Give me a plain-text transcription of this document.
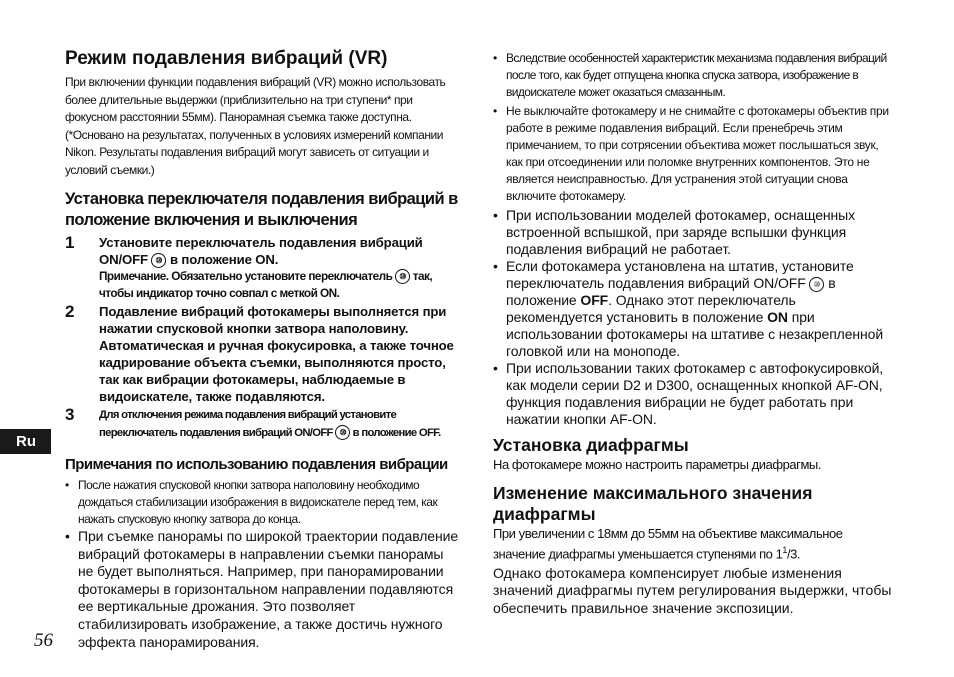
Режим подавления вибраций (VR)

При включении функции подавления вибраций (VR) можно использовать более длительные выдержки (приблизительно на три ступени* при фокусном расстоянии 55мм). Панорамная съемка также доступна. (*Основано на результатах, полученных в условиях измерений компании Nikon. Результаты подавления вибраций могут зависеть от ситуации и условий съемки.)

Установка переключателя подавления вибраций в положение включения и выключения
1 Установите переключатель подавления вибраций ON/OFF ⑩ в положение ON.
Примечание. Обязательно установите переключатель ⑩ так, чтобы индикатор точно совпал с меткой ON.
2 Подавление вибраций фотокамеры выполняется при нажатии спусковой кнопки затвора наполовину. Автоматическая и ручная фокусировка, а также точное кадрирование объекта съемки, выполняются просто, так как вибрации фотокамеры, наблюдаемые в видоискателе, также подавляются.
3 Для отключения режима подавления вибраций установите переключатель подавления вибраций ON/OFF ⑩ в положение OFF.
Примечания по использованию подавления вибрации
• После нажатия спусковой кнопки затвора наполовину необходимо дождаться стабилизации изображения в видоискателе перед тем, как нажать спусковую кнопку затвора до конца.
• При съемке панорамы по широкой траектории подавление вибраций фотокамеры в направлении съемки панорамы не будет выполняться. Например, при панорамировании фотокамеры в горизонтальном направлении подавляются ее вертикальные дрожания. Это позволяет стабилизировать изображение, а также достичь нужного эффекта панорамирования.
• Вследствие особенностей характеристик механизма подавления вибраций после того, как будет отпущена кнопка спуска затвора, изображение в видоискателе может оказаться смазанным.
• Не выключайте фотокамеру и не снимайте с фотокамеры объектив при работе в режиме подавления вибраций. Если пренебречь этим примечанием, то при сотрясении объектива может послышаться звук, как при отсоединении или поломке внутренних компонентов. Это не является неисправностью. Для устранения этой ситуации снова включите фотокамеру.
• При использовании моделей фотокамер, оснащенных встроенной вспышкой, при заряде вспышки функция подавления вибраций не работает.
• Если фотокамера установлена на штатив, установите переключатель подавления вибраций ON/OFF ⑩ в положение OFF. Однако этот переключатель рекомендуется установить в положение ON при использовании фотокамеры на штативе с незакрепленной головкой или на моноподе.
• При использовании таких фотокамер с автофокусировкой, как модели серии D2 и D300, оснащенных кнопкой AF-ON, функция подавления вибрации не будет работать при нажатии кнопки AF-ON.
Установка диафрагмы

На фотокамере можно настроить параметры диафрагмы.

Изменение максимального значения диафрагмы

При увеличении с 18мм до 55мм на объективе максимальное значение диафрагмы уменьшается ступенями по $1^1/3$.

Однако фотокамера компенсирует любые изменения значений диафрагмы путем регулирования выдержки, чтобы обеспечить правильное значение экспозиции.

Ru
56
